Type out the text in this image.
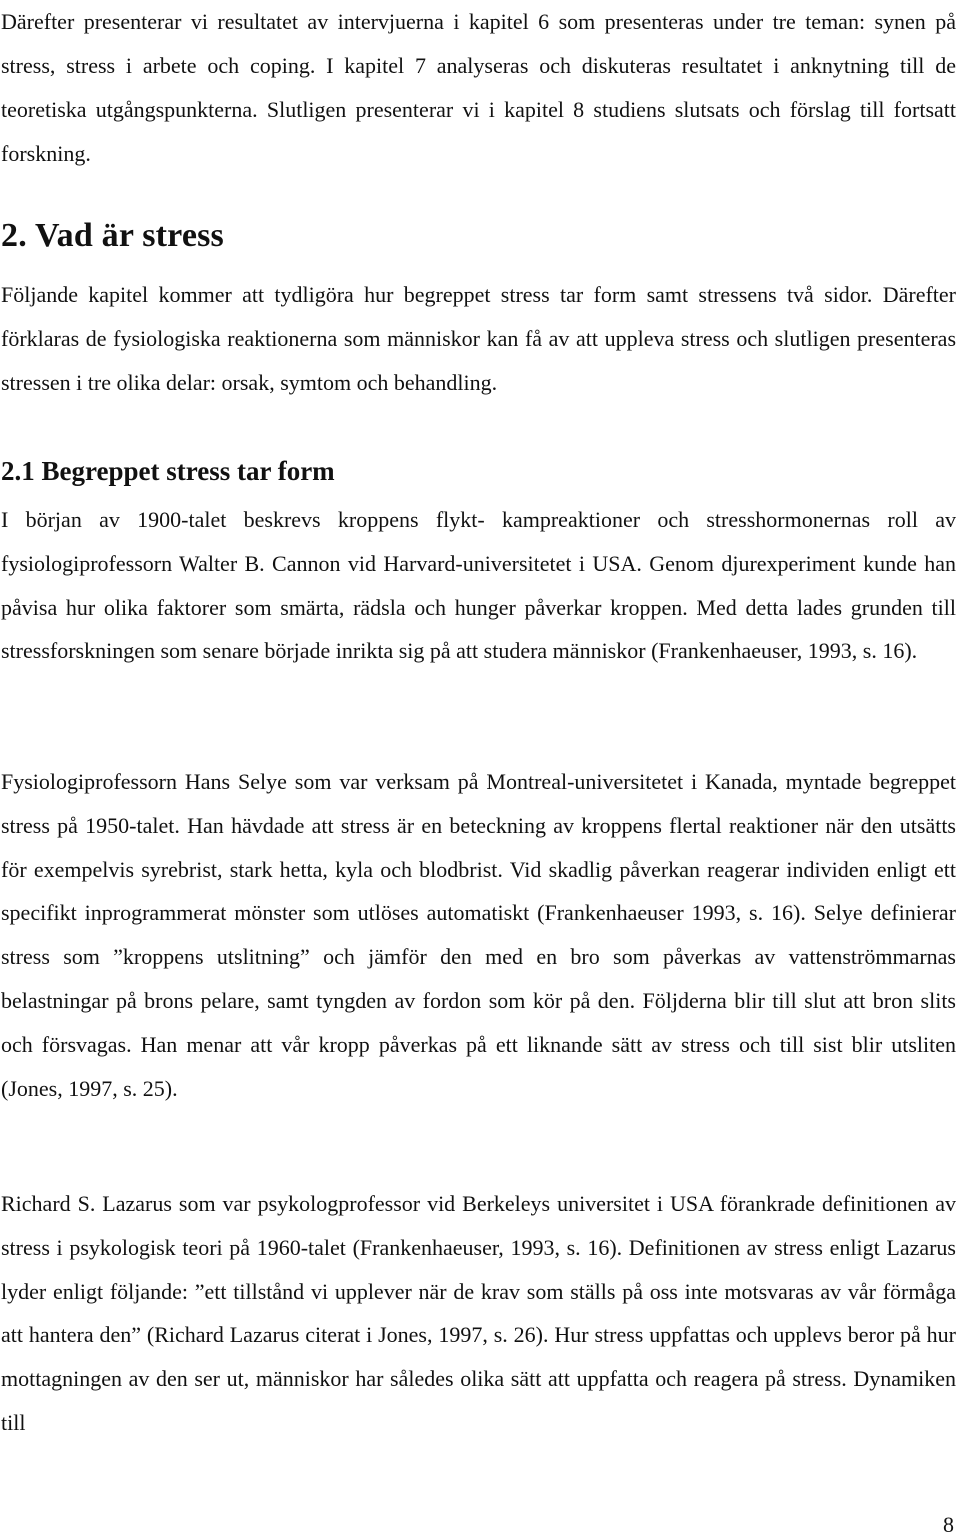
Därefter presenterar vi resultatet av intervjuerna i kapitel 6 som presenteras under tre teman: synen på stress, stress i arbete och coping. I kapitel 7 analyseras och diskuteras resultatet i anknytning till de teoretiska utgångspunkterna. Slutligen presenterar vi i kapitel 8 studiens slutsats och förslag till fortsatt forskning.

2. Vad är stress

Följande kapitel kommer att tydligöra hur begreppet stress tar form samt stressens två sidor. Därefter förklaras de fysiologiska reaktionerna som människor kan få av att uppleva stress och slutligen presenteras stressen i tre olika delar: orsak, symtom och behandling.

2.1 Begreppet stress tar form

I början av 1900-talet beskrevs kroppens flykt- kampreaktioner och stresshormonernas roll av fysiologiprofessorn Walter B. Cannon vid Harvard-universitetet i USA. Genom djurexperiment kunde han påvisa hur olika faktorer som smärta, rädsla och hunger påverkar kroppen. Med detta lades grunden till stressforskningen som senare började inrikta sig på att studera människor (Frankenhaeuser, 1993, s. 16).

Fysiologiprofessorn Hans Selye som var verksam på Montreal-universitetet i Kanada, myntade begreppet stress på 1950-talet. Han hävdade att stress är en beteckning av kroppens flertal reaktioner när den utsätts för exempelvis syrebrist, stark hetta, kyla och blodbrist. Vid skadlig påverkan reagerar individen enligt ett specifikt inprogrammerat mönster som utlöses automatiskt (Frankenhaeuser 1993, s. 16). Selye definierar stress som ”kroppens utslitning” och jämför den med en bro som påverkas av vattenströmmarnas belastningar på brons pelare, samt tyngden av fordon som kör på den. Följderna blir till slut att bron slits och försvagas. Han menar att vår kropp påverkas på ett liknande sätt av stress och till sist blir utsliten (Jones, 1997, s. 25).

Richard S. Lazarus som var psykologprofessor vid Berkeleys universitet i USA förankrade definitionen av stress i psykologisk teori på 1960-talet (Frankenhaeuser, 1993, s. 16). Definitionen av stress enligt Lazarus lyder enligt följande: ”ett tillstånd vi upplever när de krav som ställs på oss inte motsvaras av vår förmåga att hantera den” (Richard Lazarus citerat i Jones, 1997, s. 26). Hur stress uppfattas och upplevs beror på hur mottagningen av den ser ut, människor har således olika sätt att uppfatta och reagera på stress. Dynamiken till

8
